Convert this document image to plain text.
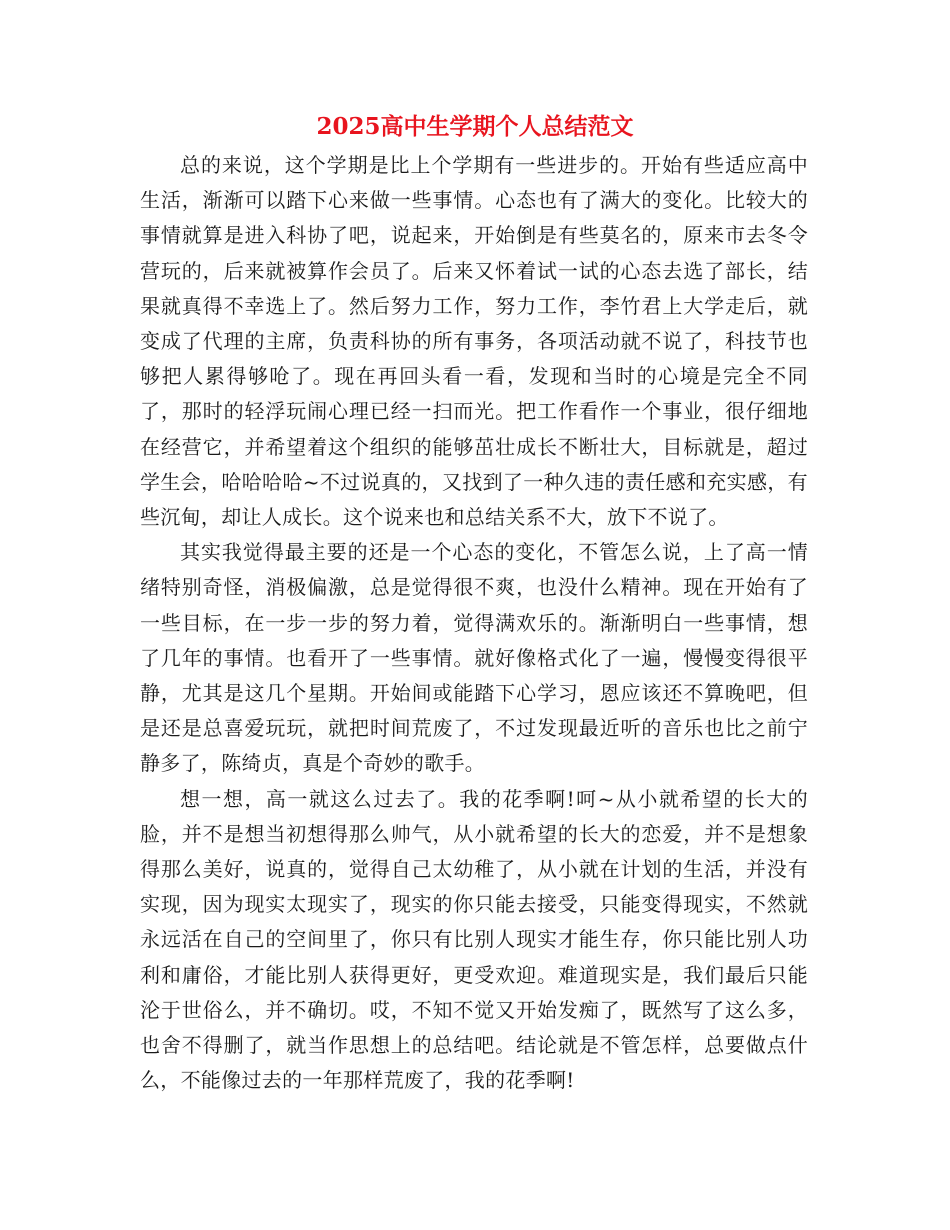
2025高中生学期个人总结范文

总的来说，这个学期是比上个学期有一些进步的。开始有些适应高中生活，渐渐可以踏下心来做一些事情。心态也有了满大的变化。比较大的事情就算是进入科协了吧，说起来，开始倒是有些莫名的，原来市去冬令营玩的，后来就被算作会员了。后来又怀着试一试的心态去选了部长，结果就真得不幸选上了。然后努力工作，努力工作，李竹君上大学走后，就变成了代理的主席，负责科协的所有事务，各项活动就不说了，科技节也够把人累得够呛了。现在再回头看一看，发现和当时的心境是完全不同了，那时的轻浮玩闹心理已经一扫而光。把工作看作一个事业，很仔细地在经营它，并希望着这个组织的能够茁壮成长不断壮大，目标就是，超过学生会，哈哈哈哈~不过说真的，又找到了一种久违的责任感和充实感，有些沉甸，却让人成长。这个说来也和总结关系不大，放下不说了。

其实我觉得最主要的还是一个心态的变化，不管怎么说，上了高一情绪特别奇怪，消极偏激，总是觉得很不爽，也没什么精神。现在开始有了一些目标，在一步一步的努力着，觉得满欢乐的。渐渐明白一些事情，想了几年的事情。也看开了一些事情。就好像格式化了一遍，慢慢变得很平静，尤其是这几个星期。开始间或能踏下心学习，恩应该还不算晚吧，但是还是总喜爱玩玩，就把时间荒废了，不过发现最近听的音乐也比之前宁静多了，陈绮贞，真是个奇妙的歌手。

想一想，高一就这么过去了。我的花季啊!呵~从小就希望的长大的脸，并不是想当初想得那么帅气，从小就希望的长大的恋爱，并不是想象得那么美好，说真的，觉得自己太幼稚了，从小就在计划的生活，并没有实现，因为现实太现实了，现实的你只能去接受，只能变得现实，不然就永远活在自己的空间里了，你只有比别人现实才能生存，你只能比别人功利和庸俗，才能比别人获得更好，更受欢迎。难道现实是，我们最后只能沦于世俗么，并不确切。哎，不知不觉又开始发痴了，既然写了这么多，也舍不得删了，就当作思想上的总结吧。结论就是不管怎样，总要做点什么，不能像过去的一年那样荒废了，我的花季啊!
